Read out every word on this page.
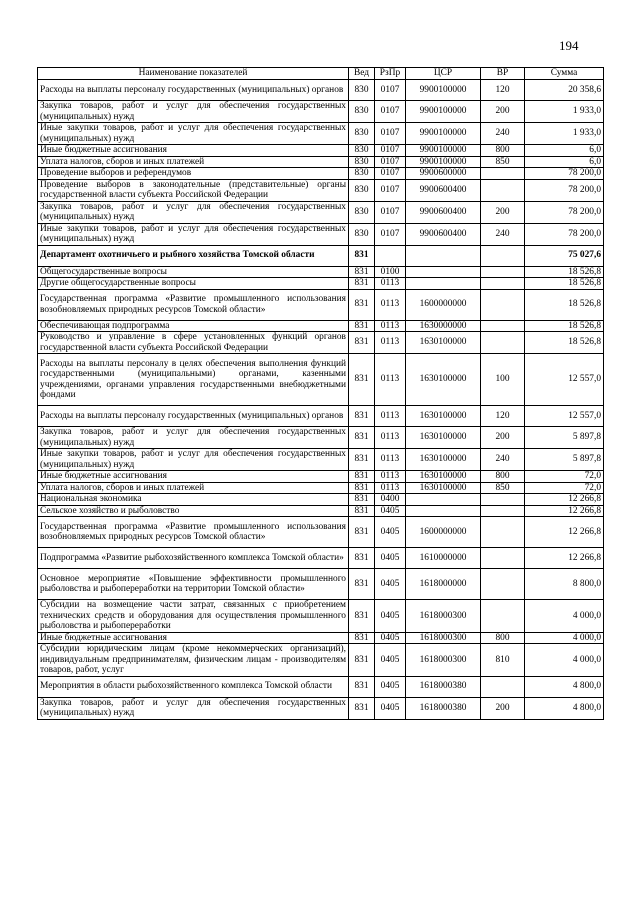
194
Наименование показателей	Вед	РзПр	ЦСР	ВР	Сумма
Расходы на выплаты персоналу государственных (муниципальных) органов	830	0107	9900100000	120	20 358,6
Закупка товаров, работ и услуг для обеспечения государственных (муниципальных) нужд	830	0107	9900100000	200	1 933,0
Иные закупки товаров, работ и услуг для обеспечения государственных (муниципальных) нужд	830	0107	9900100000	240	1 933,0
Иные бюджетные ассигнования	830	0107	9900100000	800	6,0
Уплата налогов, сборов и иных платежей	830	0107	9900100000	850	6,0
Проведение выборов и референдумов	830	0107	9900600000		78 200,0
Проведение выборов в законодательные (представительные) органы государственной власти субъекта Российской Федерации	830	0107	9900600400		78 200,0
Закупка товаров, работ и услуг для обеспечения государственных (муниципальных) нужд	830	0107	9900600400	200	78 200,0
Иные закупки товаров, работ и услуг для обеспечения государственных (муниципальных) нужд	830	0107	9900600400	240	78 200,0
Департамент охотничьего и рыбного хозяйства Томской области	831				75 027,6
Общегосударственные вопросы	831	0100			18 526,8
Другие общегосударственные вопросы	831	0113			18 526,8
Государственная программа «Развитие промышленного использования возобновляемых природных ресурсов Томской области»	831	0113	1600000000		18 526,8
Обеспечивающая подпрограмма	831	0113	1630000000		18 526,8
Руководство и управление в сфере установленных функций органов государственной власти субъекта Российской Федерации	831	0113	1630100000		18 526,8
Расходы на выплаты персоналу в целях обеспечения выполнения функций государственными (муниципальными) органами, казенными учреждениями, органами управления государственными внебюджетными фондами	831	0113	1630100000	100	12 557,0
Расходы на выплаты персоналу государственных (муниципальных) органов	831	0113	1630100000	120	12 557,0
Закупка товаров, работ и услуг для обеспечения государственных (муниципальных) нужд	831	0113	1630100000	200	5 897,8
Иные закупки товаров, работ и услуг для обеспечения государственных (муниципальных) нужд	831	0113	1630100000	240	5 897,8
Иные бюджетные ассигнования	831	0113	1630100000	800	72,0
Уплата налогов, сборов и иных платежей	831	0113	1630100000	850	72,0
Национальная экономика	831	0400			12 266,8
Сельское хозяйство и рыболовство	831	0405			12 266,8
Государственная программа «Развитие промышленного использования возобновляемых природных ресурсов Томской области»	831	0405	1600000000		12 266,8
Подпрограмма «Развитие рыбохозяйственного комплекса Томской области»	831	0405	1610000000		12 266,8
Основное мероприятие «Повышение эффективности промышленного рыболовства и рыбопереработки на территории Томской области»	831	0405	1618000000		8 800,0
Субсидии на возмещение части затрат, связанных с приобретением технических средств и оборудования для осуществления промышленного рыболовства и рыбопереработки	831	0405	1618000300		4 000,0
Иные бюджетные ассигнования	831	0405	1618000300	800	4 000,0
Субсидии юридическим лицам (кроме некоммерческих организаций), индивидуальным предпринимателям, физическим лицам - производителям товаров, работ, услуг	831	0405	1618000300	810	4 000,0
Мероприятия в области рыбохозяйственного комплекса Томской области	831	0405	1618000380		4 800,0
Закупка товаров, работ и услуг для обеспечения государственных (муниципальных) нужд	831	0405	1618000380	200	4 800,0
